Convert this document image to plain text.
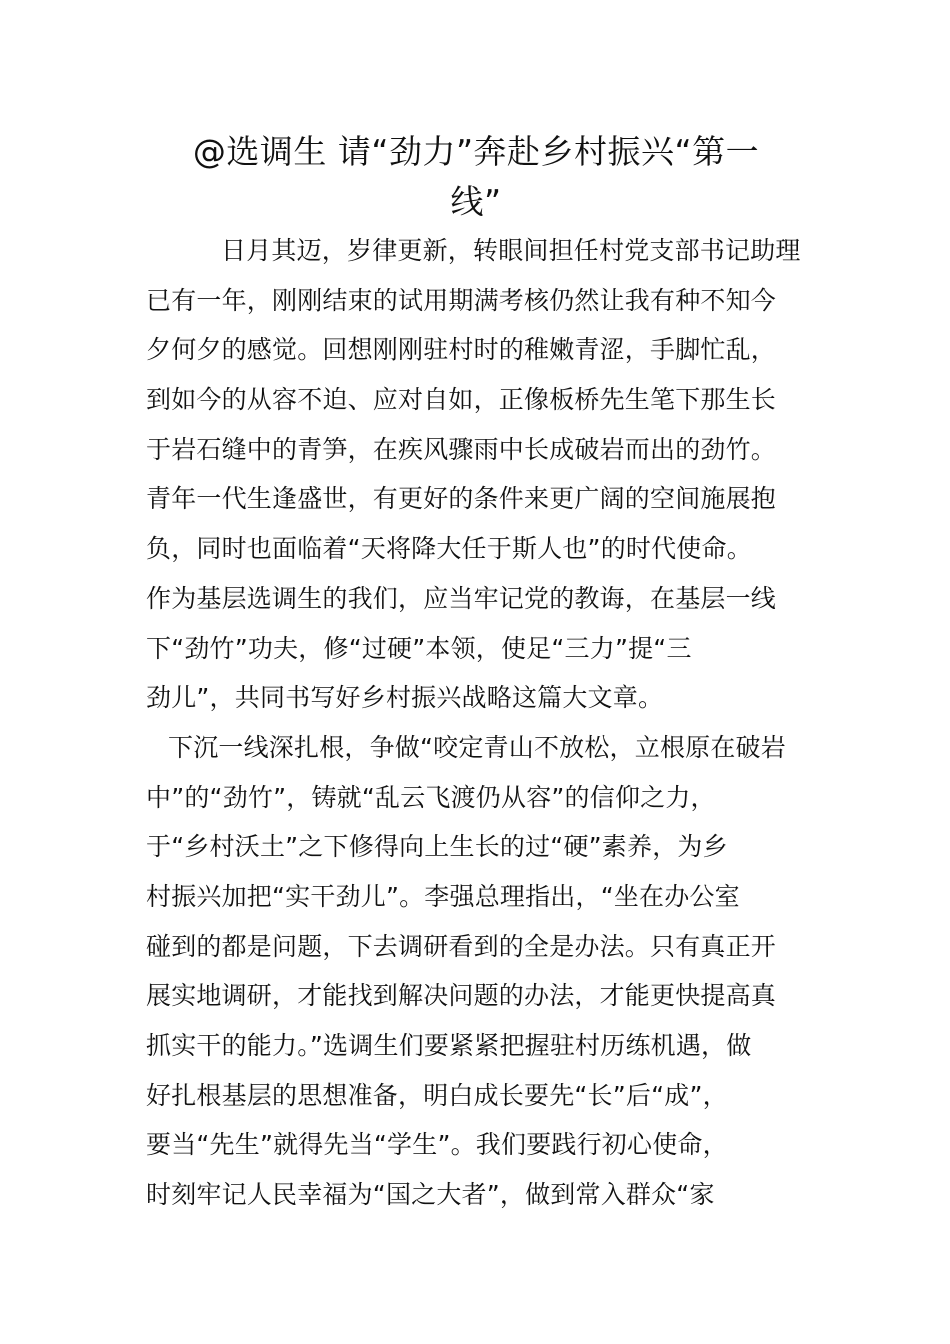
@选调生 请“劲力”奔赴乡村振兴“第一
线”
日月其迈，岁律更新，转眼间担任村党支部书记助理
已有一年，刚刚结束的试用期满考核仍然让我有种不知今
夕何夕的感觉。回想刚刚驻村时的稚嫩青涩，手脚忙乱，
到如今的从容不迫、应对自如，正像板桥先生笔下那生长
于岩石缝中的青笋，在疾风骤雨中长成破岩而出的劲竹。
青年一代生逢盛世，有更好的条件来更广阔的空间施展抱
负，同时也面临着“天将降大任于斯人也”的时代使命。
作为基层选调生的我们，应当牢记党的教诲，在基层一线
下“劲竹”功夫，修“过硬”本领，使足“三力”提“三
劲儿”，共同书写好乡村振兴战略这篇大文章。
下沉一线深扎根，争做“咬定青山不放松，立根原在破岩
中”的“劲竹”，铸就“乱云飞渡仍从容”的信仰之力，
于“乡村沃土”之下修得向上生长的过“硬”素养，为乡
村振兴加把“实干劲儿”。李强总理指出，“坐在办公室
碰到的都是问题，下去调研看到的全是办法。只有真正开
展实地调研，才能找到解决问题的办法，才能更快提高真
抓实干的能力。”选调生们要紧紧把握驻村历练机遇，做
好扎根基层的思想准备，明白成长要先“长”后“成”，
要当“先生”就得先当“学生”。我们要践行初心使命，
时刻牢记人民幸福为“国之大者”，做到常入群众“家
